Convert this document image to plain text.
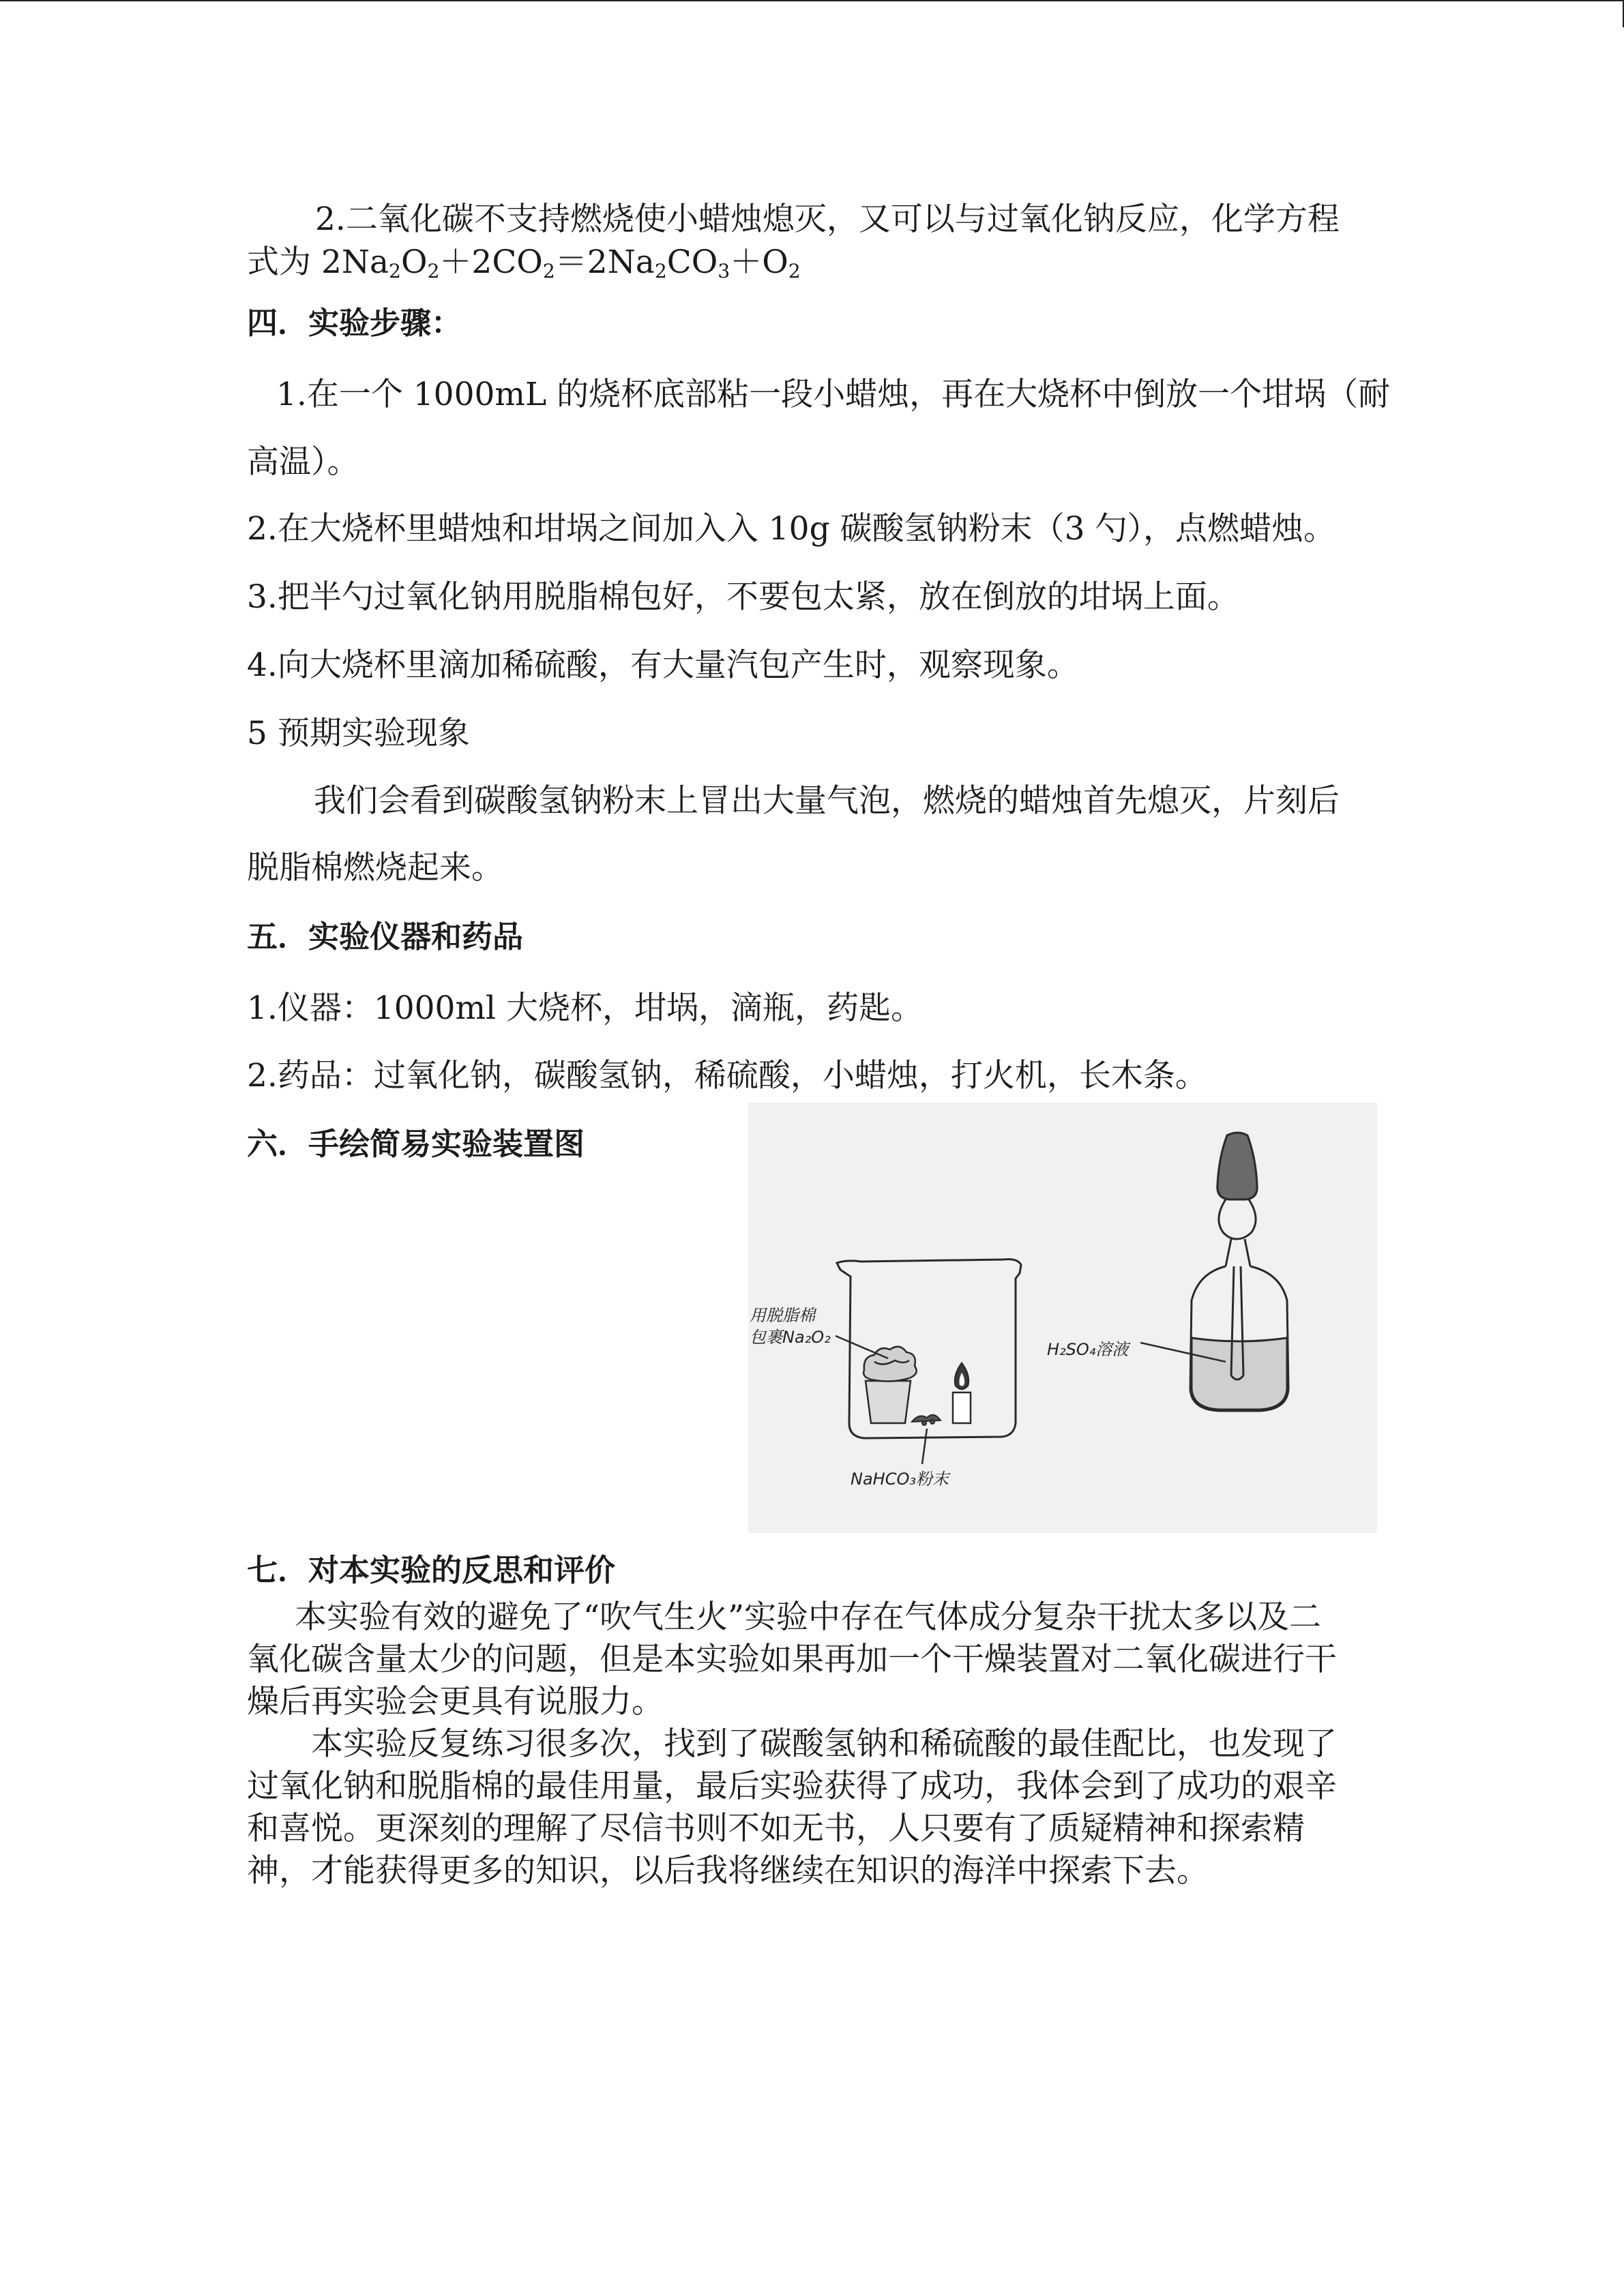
2.二氧化碳不支持燃烧使小蜡烛熄灭，又可以与过氧化钠反应，化学方程
式为 $2Na_2O_2+2CO_2=2Na_2CO_3+O_2$
四．实验步骤：
1.在一个 1000mL 的烧杯底部粘一段小蜡烛，再在大烧杯中倒放一个坩埚（耐
高温）。
2.在大烧杯里蜡烛和坩埚之间加入入 10g 碳酸氢钠粉末（3 勺），点燃蜡烛。
3.把半勺过氧化钠用脱脂棉包好，不要包太紧，放在倒放的坩埚上面。
4.向大烧杯里滴加稀硫酸，有大量汽包产生时，观察现象。
5 预期实验现象
我们会看到碳酸氢钠粉末上冒出大量气泡，燃烧的蜡烛首先熄灭，片刻后
脱脂棉燃烧起来。
五．实验仪器和药品
1.仪器：1000ml 大烧杯，坩埚，滴瓶，药匙。
2.药品：过氧化钠，碳酸氢钠，稀硫酸，小蜡烛，打火机，长木条。
六．手绘简易实验装置图
用脱脂棉
包裹Na₂O₂
NaHCO₃粉末
H₂SO₄溶液
七．对本实验的反思和评价
本实验有效的避免了“吹气生火”实验中存在气体成分复杂干扰太多以及二
氧化碳含量太少的问题，但是本实验如果再加一个干燥装置对二氧化碳进行干
燥后再实验会更具有说服力。
本实验反复练习很多次，找到了碳酸氢钠和稀硫酸的最佳配比，也发现了
过氧化钠和脱脂棉的最佳用量，最后实验获得了成功，我体会到了成功的艰辛
和喜悦。更深刻的理解了尽信书则不如无书，人只要有了质疑精神和探索精
神，才能获得更多的知识，以后我将继续在知识的海洋中探索下去。
